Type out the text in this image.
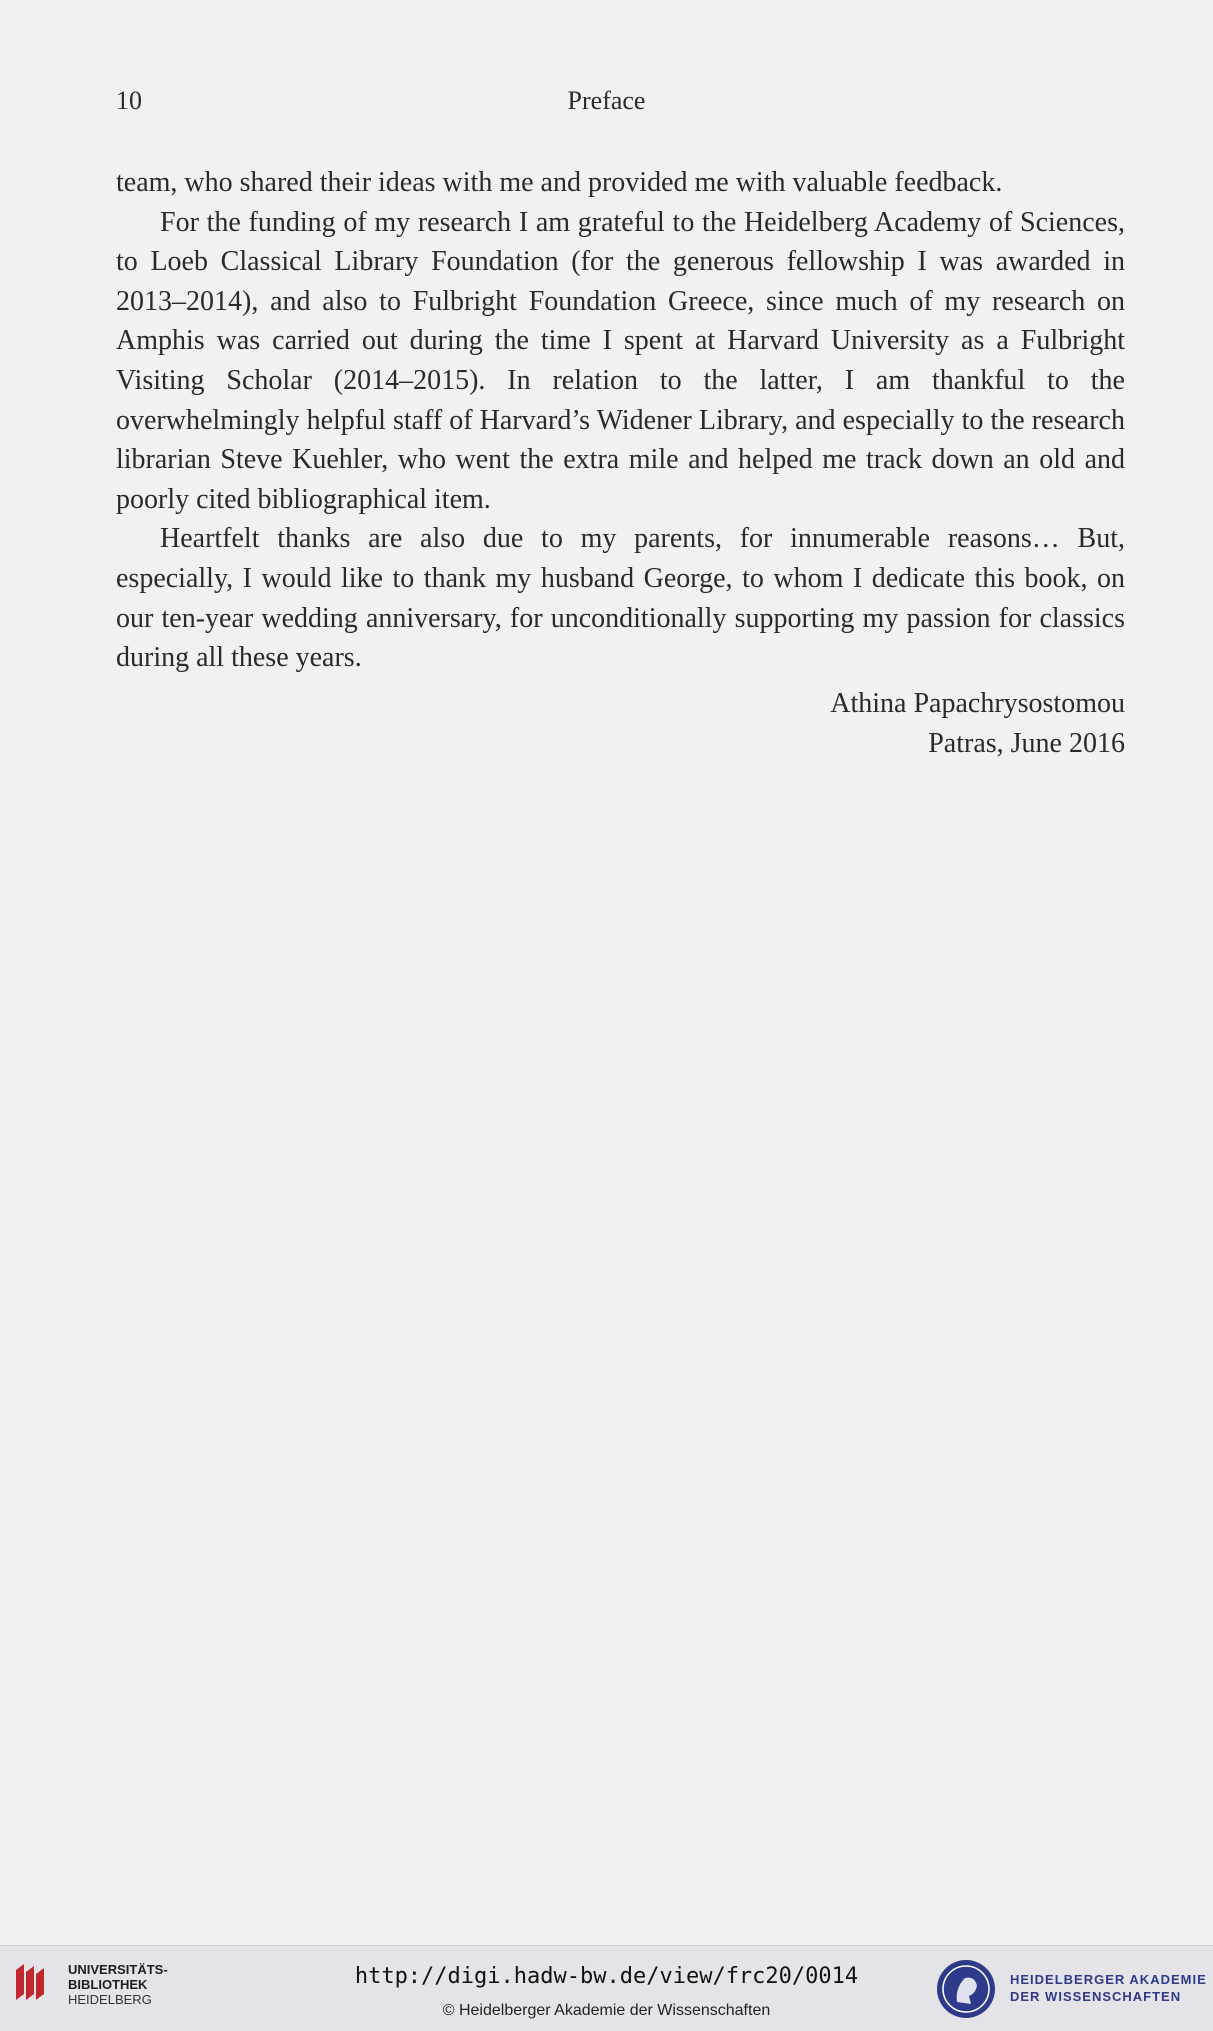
10	Preface

team, who shared their ideas with me and provided me with valuable feedback.

For the funding of my research I am grateful to the Heidelberg Academy of Sciences, to Loeb Classical Library Foundation (for the generous fellowship I was awarded in 2013–2014), and also to Fulbright Foundation Greece, since much of my research on Amphis was carried out during the time I spent at Harvard University as a Fulbright Visiting Scholar (2014–2015). In relation to the latter, I am thankful to the overwhelmingly helpful staff of Harvard’s Widener Library, and especially to the research librarian Steve Kuehler, who went the extra mile and helped me track down an old and poorly cited bibliographical item.

Heartfelt thanks are also due to my parents, for innumerable reasons… But, especially, I would like to thank my husband George, to whom I dedicate this book, on our ten-year wedding anniversary, for unconditionally supporting my passion for classics during all these years.

Athina Papachrysostomou
Patras, June 2016
UNIVERSITÄTS-
BIBLIOTHEK
HEIDELBERG
http://digi.hadw-bw.de/view/frc20/0014
© Heidelberger Akademie der Wissenschaften
HEIDELBERGER AKADEMIE
DER WISSENSCHAFTEN
